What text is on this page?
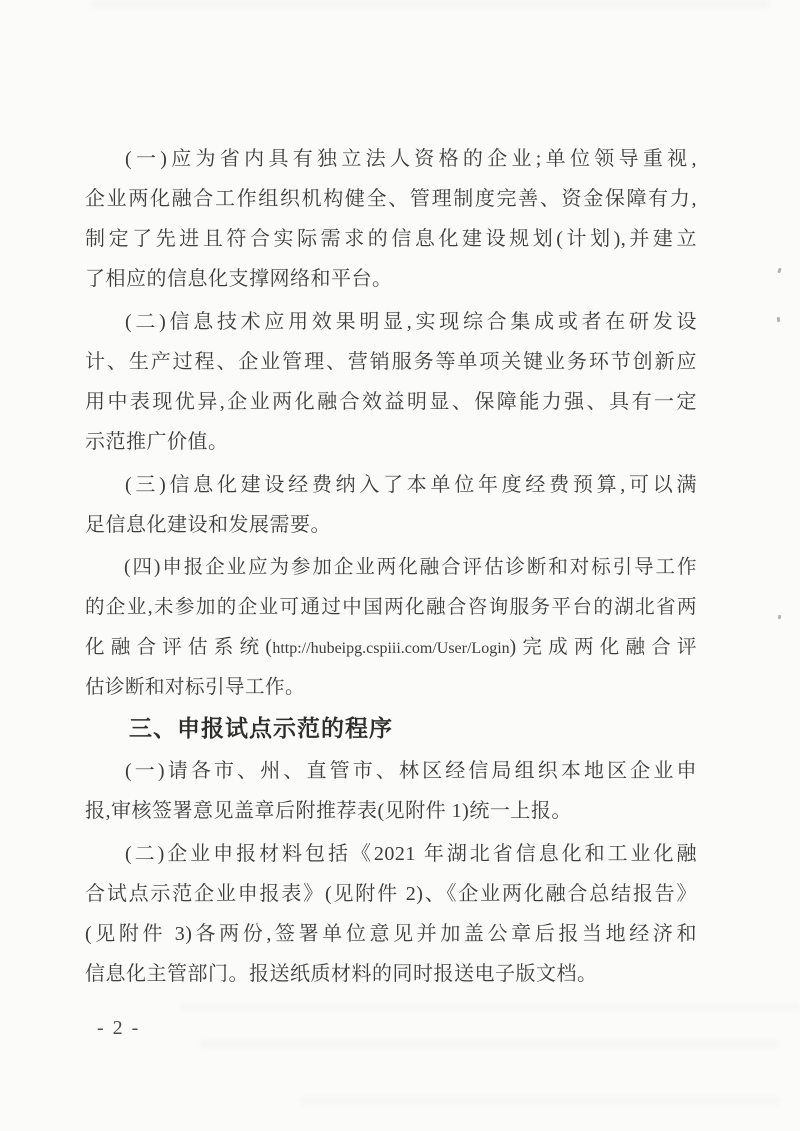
(一)应为省内具有独立法人资格的企业;单位领导重视,
企业两化融合工作组织机构健全、管理制度完善、资金保障有力,
制定了先进且符合实际需求的信息化建设规划(计划),并建立
了相应的信息化支撑网络和平台。
(二)信息技术应用效果明显,实现综合集成或者在研发设
计、生产过程、企业管理、营销服务等单项关键业务环节创新应
用中表现优异,企业两化融合效益明显、保障能力强、具有一定
示范推广价值。
(三)信息化建设经费纳入了本单位年度经费预算,可以满
足信息化建设和发展需要。
(四)申报企业应为参加企业两化融合评估诊断和对标引导工作
的企业,未参加的企业可通过中国两化融合咨询服务平台的湖北省两
化融合评估系统(http://hubeipg.cspiii.com/User/Login)完成两化融合评
估诊断和对标引导工作。
三、申报试点示范的程序
(一)请各市、州、直管市、林区经信局组织本地区企业申
报,审核签署意见盖章后附推荐表(见附件 1)统一上报。
(二)企业申报材料包括《2021 年湖北省信息化和工业化融
合试点示范企业申报表》(见附件 2)、《企业两化融合总结报告》
(见附件 3)各两份,签署单位意见并加盖公章后报当地经济和
信息化主管部门。报送纸质材料的同时报送电子版文档。
- 2 -
